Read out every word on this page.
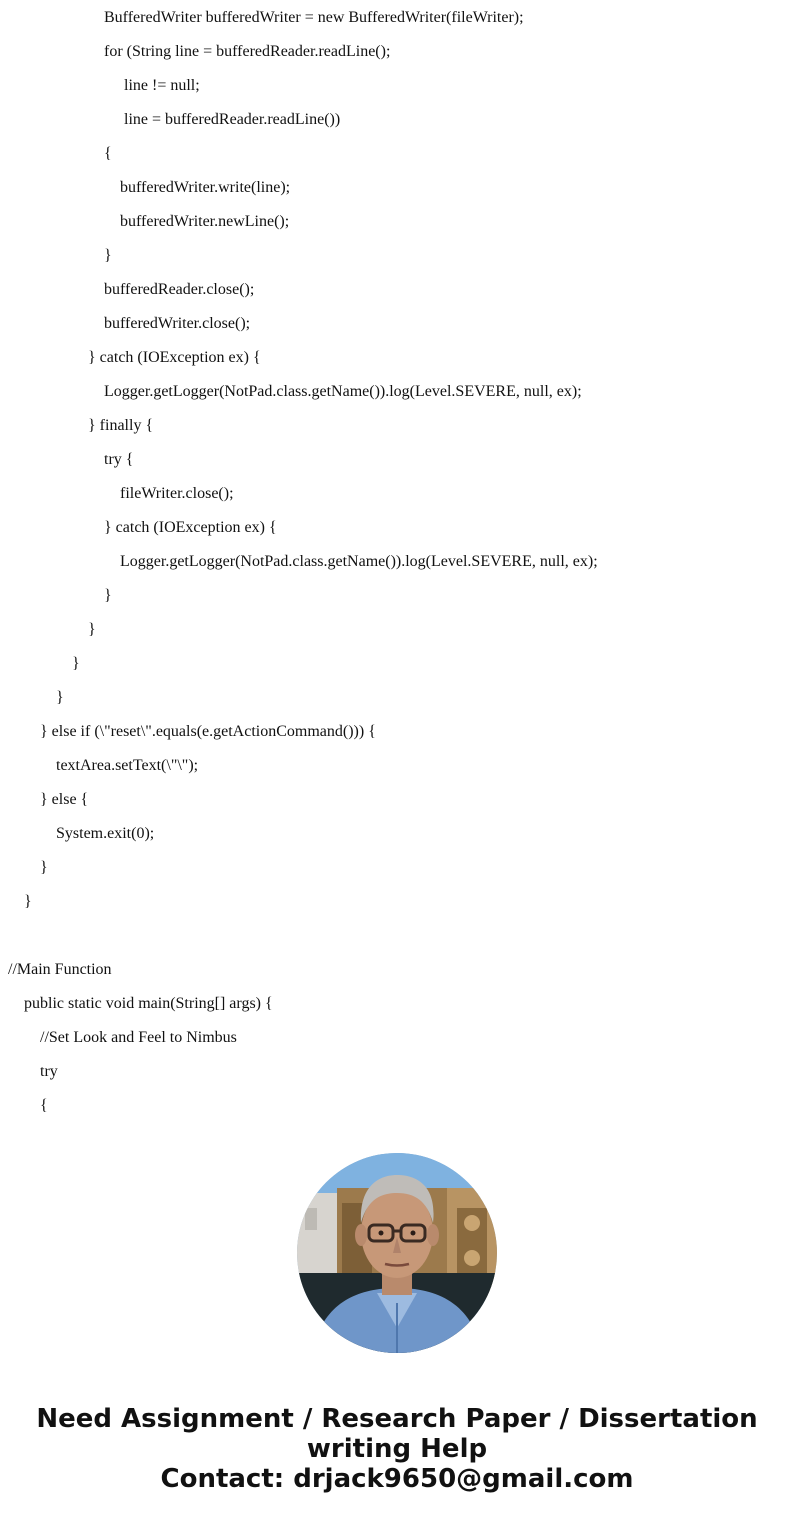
BufferedWriter bufferedWriter = new BufferedWriter(fileWriter);
for (String line = bufferedReader.readLine();
line != null;
line = bufferedReader.readLine())
{
bufferedWriter.write(line);
bufferedWriter.newLine();
}
bufferedReader.close();
bufferedWriter.close();
} catch (IOException ex) {
Logger.getLogger(NotPad.class.getName()).log(Level.SEVERE, null, ex);
} finally {
try {
fileWriter.close();
} catch (IOException ex) {
Logger.getLogger(NotPad.class.getName()).log(Level.SEVERE, null, ex);
}
}
}
}
} else if (\"reset\".equals(e.getActionCommand())) {
textArea.setText(\"\");
} else {
System.exit(0);
}
}
//Main Function
public static void main(String[] args) {
//Set Look and Feel to Nimbus
try
{
Need Assignment / Research Paper / Dissertation
writing Help
Contact: drjack9650@gmail.com
